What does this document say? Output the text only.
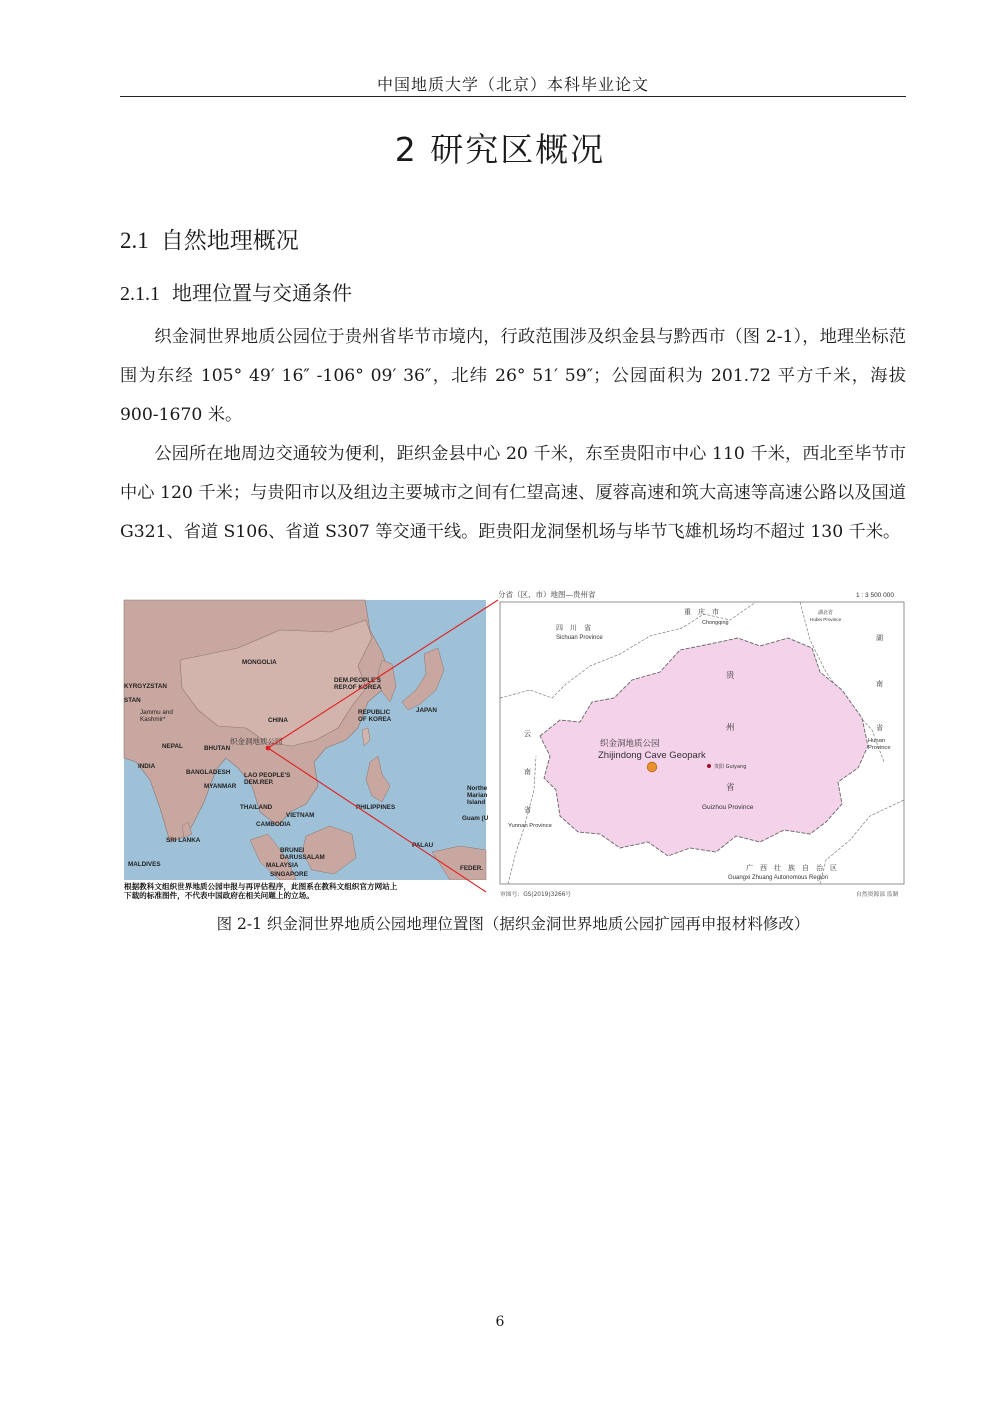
中国地质大学（北京）本科毕业论文
2 研究区概况
2.1 自然地理概况
2.1.1 地理位置与交通条件

织金洞世界地质公园位于贵州省毕节市境内，行政范围涉及织金县与黔西市（图 2-1），地理坐标范围为东经 105° 49′ 16″ -106° 09′ 36″，北纬 26° 51′ 59″；公园面积为 201.72 平方千米，海拔 900-1670 米。

公园所在地周边交通较为便利，距织金县中心 20 千米，东至贵阳市中心 110 千米，西北至毕节市中心 120 千米；与贵阳市以及组边主要城市之间有仁望高速、厦蓉高速和筑大高速等高速公路以及国道 G321、省道 S106、省道 S307 等交通干线。距贵阳龙洞堡机场与毕节飞雄机场均不超过 130 千米。

MONGOLIA
KYRGYZSTAN
STAN
Jammu and
Kashmir*	CHINA
DEM.PEOPLE'S
REP.OF KOREA
REPUBLIC
OF KOREA
JAPAN
NEPAL	BHUTAN
INDIA
BANGLADESH
MYANMAR
LAO PEOPLE'S
DEM.REP.
THAILAND
VIETNAM
CAMBODIA
PHILIPPINES
SRI LANKA
MALDIVES
BRUNEI
DARUSSALAM
MALAYSIA
SINGAPORE
Northe
Marian
Island
Guam (U
PALAU
FEDER.
织金洞地质公园
根据教科文组织世界地质公园申报与再评估程序，此图系在教科文组织官方网站上
下载的标准图件，不代表中国政府在相关问题上的立场。
分省（区、市）地图—贵州省	1 : 3 500 000
重　庆　市
Chongqing
四　川　省
Sichuan Province
湖北省
Hubei Province
湖
南
省
Hunan
Province
贵
州
省
Guizhou Province
云
南
省
Yunnan Province
广　西　壮　族　自　治　区
Guangxi Zhuang Autonomous Region
织金洞地质公园
Zhijindong Cave Geopark
贵阳 Guiyang
审图号：GS(2019)3266号	自然资源部 监制
图 2-1 织金洞世界地质公园地理位置图（据织金洞世界地质公园扩园再申报材料修改）
6
